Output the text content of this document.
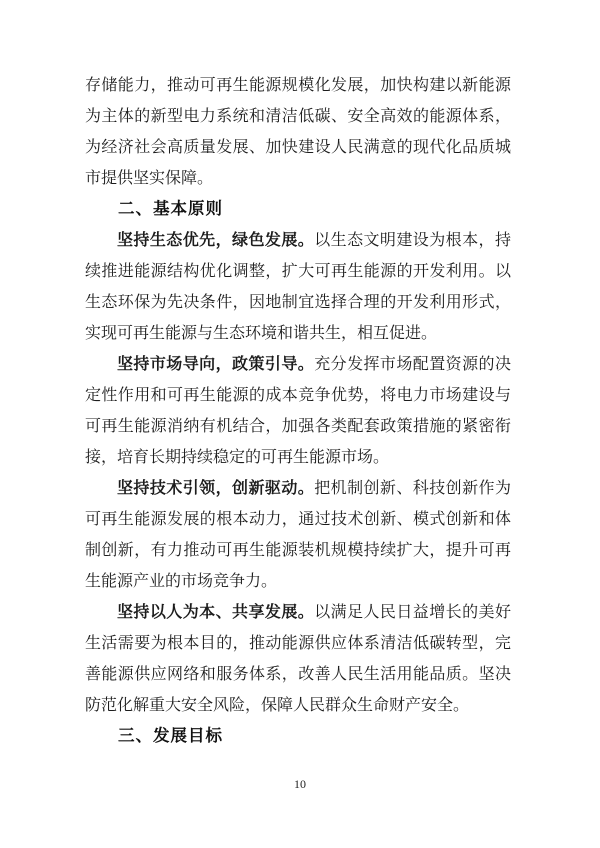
存储能力，推动可再生能源规模化发展，加快构建以新能源为主体的新型电力系统和清洁低碳、安全高效的能源体系，为经济社会高质量发展、加快建设人民满意的现代化品质城市提供坚实保障。

二、基本原则

坚持生态优先，绿色发展。以生态文明建设为根本，持续推进能源结构优化调整，扩大可再生能源的开发利用。以生态环保为先决条件，因地制宜选择合理的开发利用形式，实现可再生能源与生态环境和谐共生，相互促进。

坚持市场导向，政策引导。充分发挥市场配置资源的决定性作用和可再生能源的成本竞争优势，将电力市场建设与可再生能源消纳有机结合，加强各类配套政策措施的紧密衔接，培育长期持续稳定的可再生能源市场。

坚持技术引领，创新驱动。把机制创新、科技创新作为可再生能源发展的根本动力，通过技术创新、模式创新和体制创新，有力推动可再生能源装机规模持续扩大，提升可再生能源产业的市场竞争力。

坚持以人为本、共享发展。以满足人民日益增长的美好生活需要为根本目的，推动能源供应体系清洁低碳转型，完善能源供应网络和服务体系，改善人民生活用能品质。坚决防范化解重大安全风险，保障人民群众生命财产安全。

三、发展目标
10
